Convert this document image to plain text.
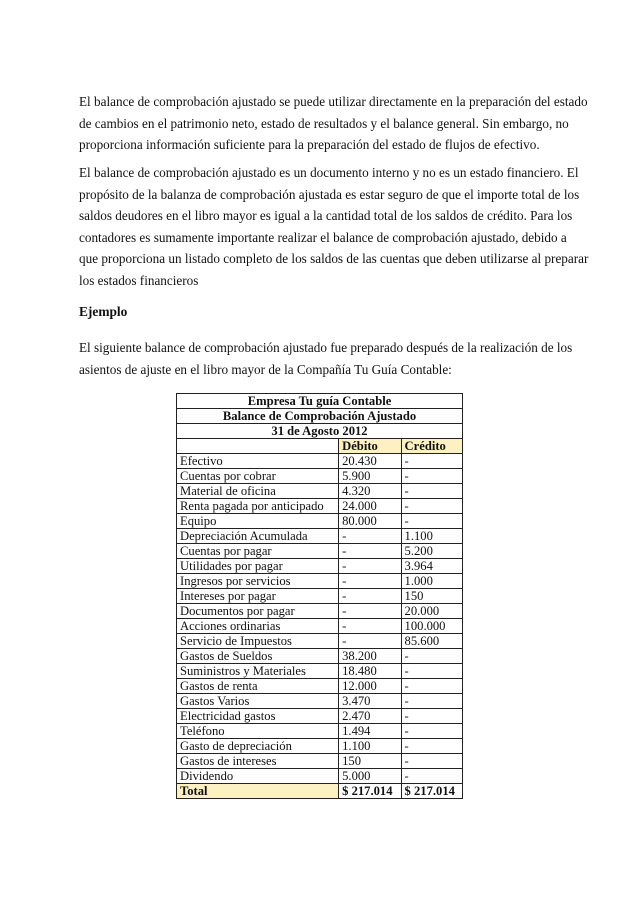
El balance de comprobación ajustado se puede utilizar directamente en la preparación del estado
de cambios en el patrimonio neto, estado de resultados y el balance general. Sin embargo, no
proporciona información suficiente para la preparación del estado de flujos de efectivo.
El balance de comprobación ajustado es un documento interno y no es un estado financiero. El
propósito de la balanza de comprobación ajustada es estar seguro de que el importe total de los
saldos deudores en el libro mayor es igual a la cantidad total de los saldos de crédito. Para los
contadores es sumamente importante realizar el balance de comprobación ajustado, debido a
que proporciona un listado completo de los saldos de las cuentas que deben utilizarse al preparar
los estados financieros

Ejemplo

El siguiente balance de comprobación ajustado fue preparado después de la realización de los
asientos de ajuste en el libro mayor de la Compañía Tu Guía Contable:
Empresa Tu guía Contable		
Balance de Comprobación Ajustado		
31 de Agosto 2012		
	Débito	Crédito
Efectivo	20.430	-
Cuentas por cobrar	5.900	-
Material de oficina	4.320	-
Renta pagada por anticipado	24.000	-
Equipo	80.000	-
Depreciación Acumulada	-	1.100
Cuentas por pagar	-	5.200
Utilidades por pagar	-	3.964
Ingresos por servicios	-	1.000
Intereses por pagar	-	150
Documentos por pagar	-	20.000
Acciones ordinarias	-	100.000
Servicio de Impuestos	-	85.600
Gastos de Sueldos	38.200	-
Suministros y Materiales	18.480	-
Gastos de renta	12.000	-
Gastos Varios	3.470	-
Electricidad gastos	2.470	-
Teléfono	1.494	-
Gasto de depreciación	1.100	-
Gastos de intereses	150	-
Dividendo	5.000	-
Total	$ 217.014	$ 217.014
